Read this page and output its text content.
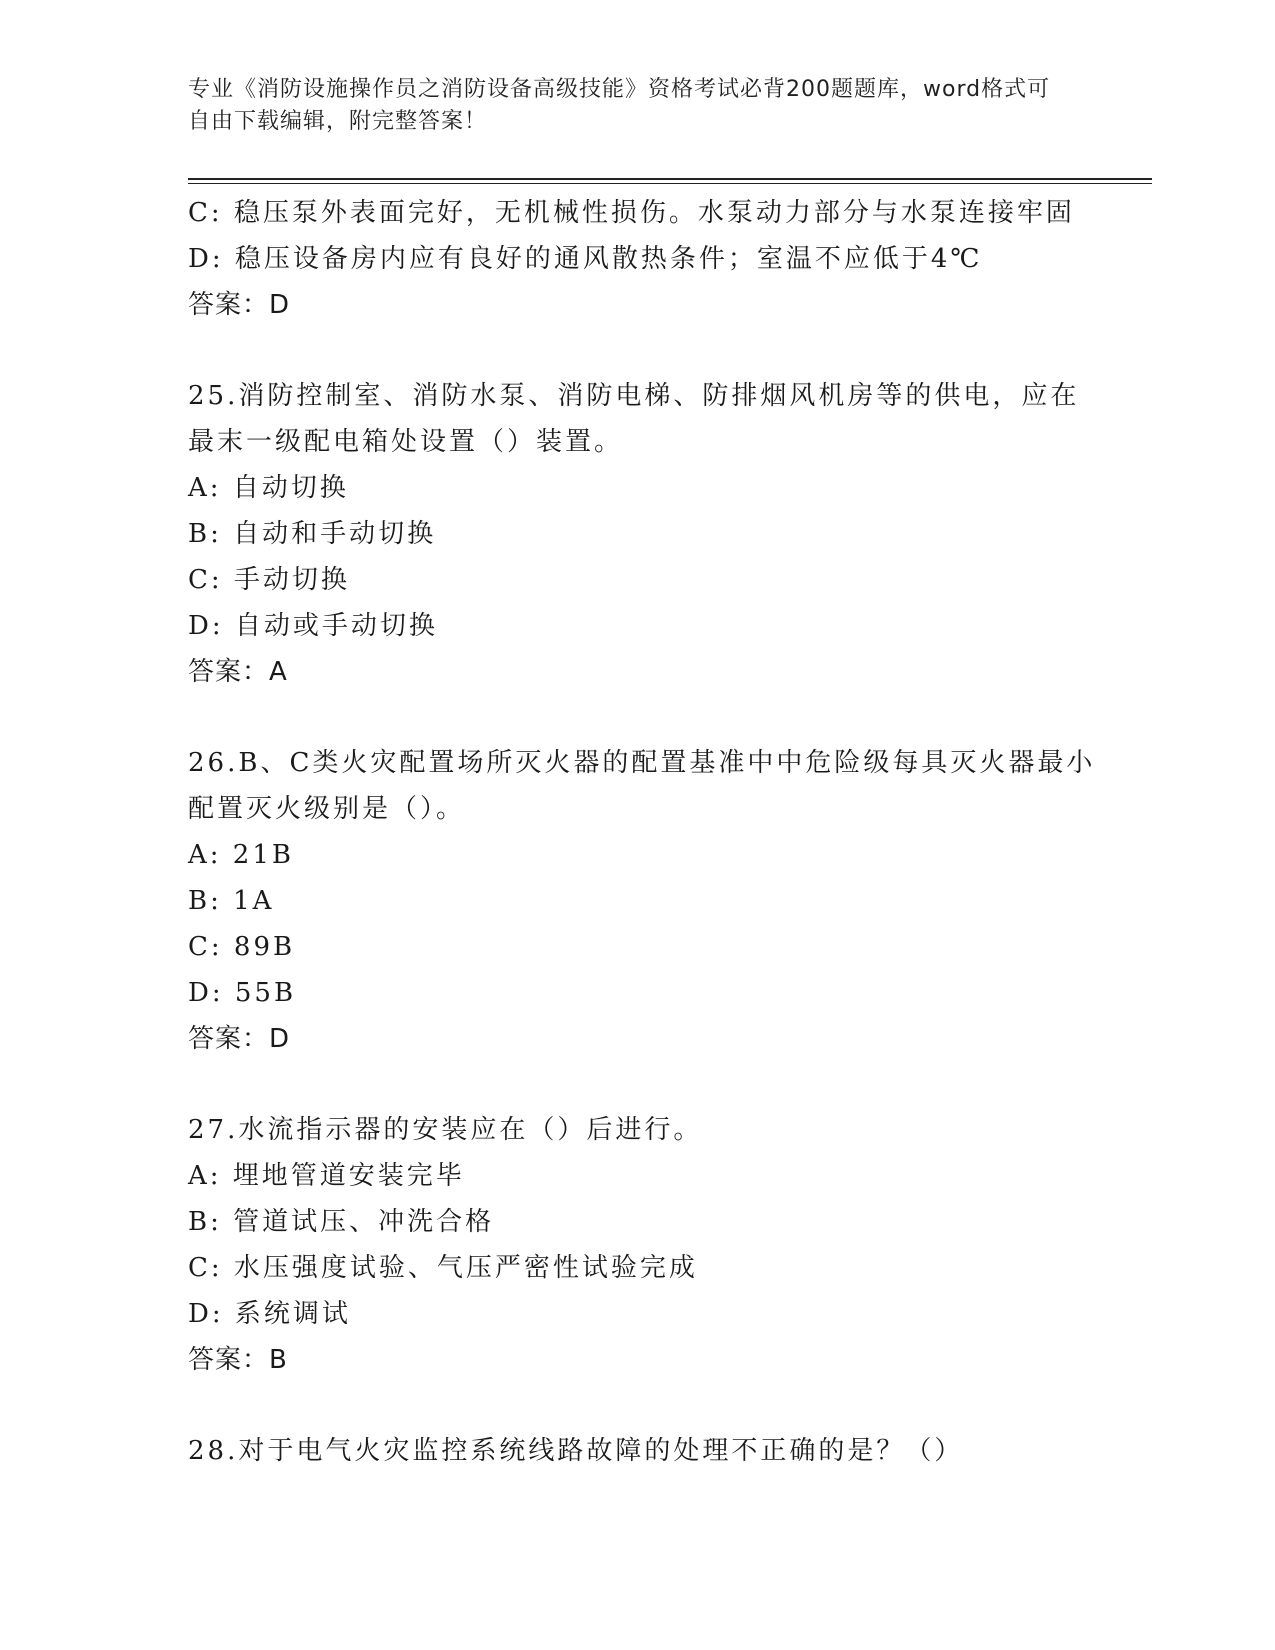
专业《消防设施操作员之消防设备高级技能》资格考试必背200题题库，word格式可自由下载编辑，附完整答案！
C: 稳压泵外表面完好，无机械性损伤。水泵动力部分与水泵连接牢固
D: 稳压设备房内应有良好的通风散热条件；室温不应低于4℃
答案：D
25.消防控制室、消防水泵、消防电梯、防排烟风机房等的供电，应在
最末一级配电箱处设置（）装置。
A: 自动切换
B: 自动和手动切换
C: 手动切换
D: 自动或手动切换
答案：A
26.B、C类火灾配置场所灭火器的配置基准中中危险级每具灭火器最小
配置灭火级别是（）。
A: 21B
B: 1A
C: 89B
D: 55B
答案：D
27.水流指示器的安装应在（）后进行。
A: 埋地管道安装完毕
B: 管道试压、冲洗合格
C: 水压强度试验、气压严密性试验完成
D: 系统调试
答案：B
28.对于电气火灾监控系统线路故障的处理不正确的是？（）
